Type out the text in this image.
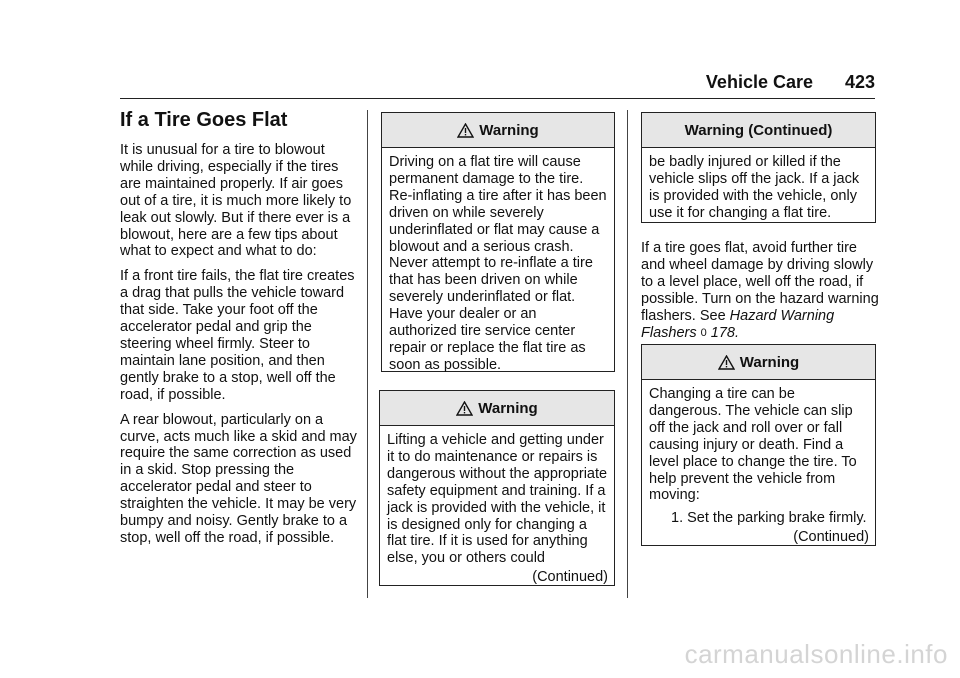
Vehicle Care 423
If a Tire Goes Flat

It is unusual for a tire to blowout while driving, especially if the tires are maintained properly. If air goes out of a tire, it is much more likely to leak out slowly. But if there ever is a blowout, here are a few tips about what to expect and what to do:

If a front tire fails, the flat tire creates a drag that pulls the vehicle toward that side. Take your foot off the accelerator pedal and grip the steering wheel firmly. Steer to maintain lane position, and then gently brake to a stop, well off the road, if possible.

A rear blowout, particularly on a curve, acts much like a skid and may require the same correction as used in a skid. Stop pressing the accelerator pedal and steer to straighten the vehicle. It may be very bumpy and noisy. Gently brake to a stop, well off the road, if possible.

Warning
Driving on a flat tire will cause permanent damage to the tire. Re-inflating a tire after it has been driven on while severely underinflated or flat may cause a blowout and a serious crash. Never attempt to re-inflate a tire that has been driven on while severely underinflated or flat. Have your dealer or an authorized tire service center repair or replace the flat tire as soon as possible.
Warning
Lifting a vehicle and getting under it to do maintenance or repairs is dangerous without the appropriate safety equipment and training. If a jack is provided with the vehicle, it is designed only for changing a flat tire. If it is used for anything else, you or others could
(Continued)
Warning (Continued)
be badly injured or killed if the vehicle slips off the jack. If a jack is provided with the vehicle, only use it for changing a flat tire.
If a tire goes flat, avoid further tire and wheel damage by driving slowly to a level place, well off the road, if possible. Turn on the hazard warning flashers. See Hazard Warning Flashers 0 178.
Warning
Changing a tire can be dangerous. The vehicle can slip off the jack and roll over or fall causing injury or death. Find a level place to change the tire. To help prevent the vehicle from moving:
1. Set the parking brake firmly.
(Continued)
carmanualsonline.info
